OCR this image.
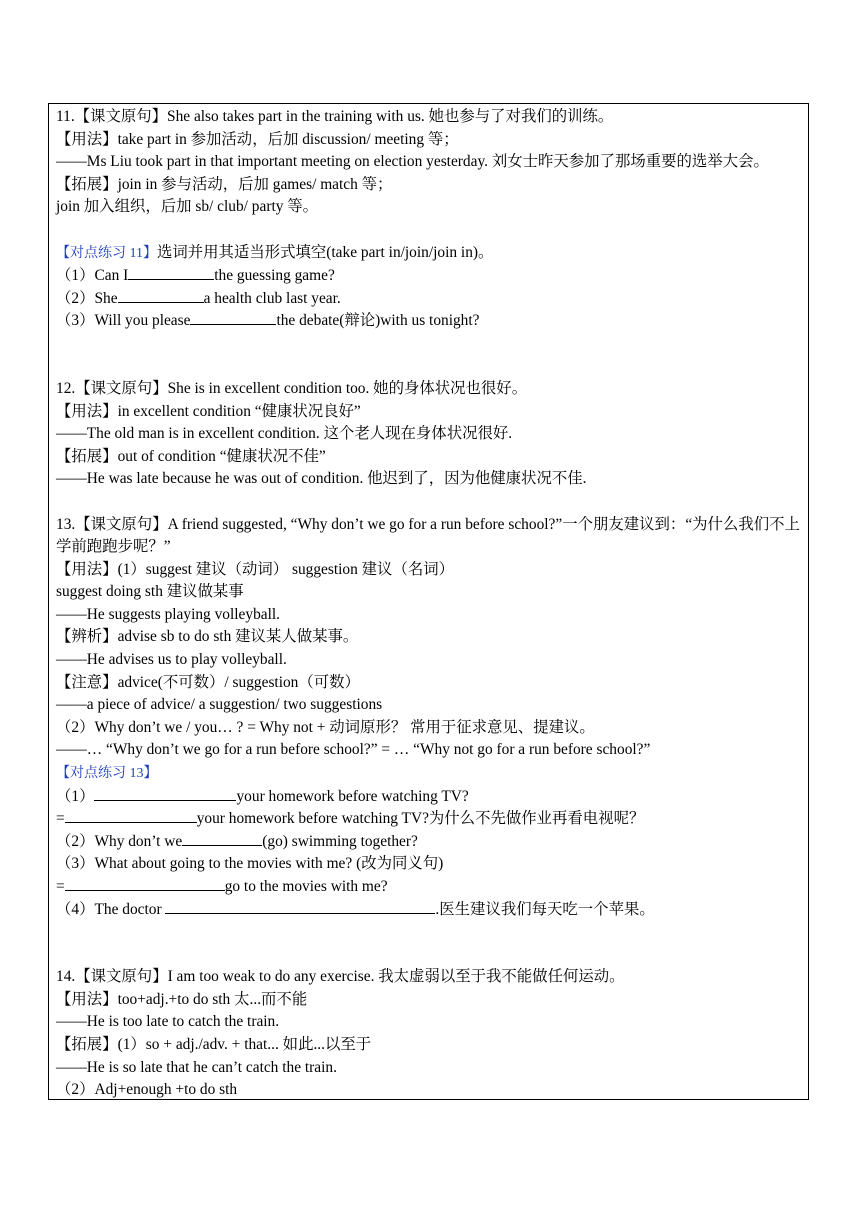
11.【课文原句】She also takes part in the training with us. 她也参与了对我们的训练。
【用法】take part in 参加活动，后加 discussion/ meeting 等；
——Ms Liu took part in that important meeting on election yesterday. 刘女士昨天参加了那场重要的选举大会。
【拓展】join in 参与活动，后加 games/ match 等；
join 加入组织，后加 sb/ club/ party 等。
【对点练习 11】选词并用其适当形式填空(take part in/join/join in)。
（1）Can I	the guessing game?
（2）She	a health club last year.
（3）Will you please	the debate(辩论)with us tonight?
12.【课文原句】She is in excellent condition too. 她的身体状况也很好。
【用法】in excellent condition “健康状况良好”
——The old man is in excellent condition. 这个老人现在身体状况很好.
【拓展】out of condition “健康状况不佳”
——He was late because he was out of condition. 他迟到了，因为他健康状况不佳.
13.【课文原句】A friend suggested, “Why don’t we go for a run before school?”一个朋友建议到：“为什么我们不上学前跑跑步呢？”
【用法】(1）suggest 建议（动词） suggestion 建议（名词）
suggest doing sth 建议做某事
——He suggests playing volleyball.
【辨析】advise sb to do sth 建议某人做某事。
——He advises us to play volleyball.
【注意】advice(不可数）/ suggestion（可数）
——a piece of advice/ a suggestion/ two suggestions
（2）Why don’t we / you… ? = Why not + 动词原形？ 常用于征求意见、提建议。
——… “Why don’t we go for a run before school?” = … “Why not go for a run before school?”
【对点练习 13】
（1）	your homework before watching TV?
=	your homework before watching TV?为什么不先做作业再看电视呢？
（2）Why don’t we	(go) swimming together?
（3）What about going to the movies with me? (改为同义句)
=	go to the movies with me?
（4）The doctor	.医生建议我们每天吃一个苹果。
14.【课文原句】I am too weak to do any exercise. 我太虚弱以至于我不能做任何运动。
【用法】too+adj.+to do sth 太...而不能
——He is too late to catch the train.
【拓展】(1）so + adj./adv. + that... 如此...以至于
——He is so late that he can’t catch the train.
（2）Adj+enough +to do sth
